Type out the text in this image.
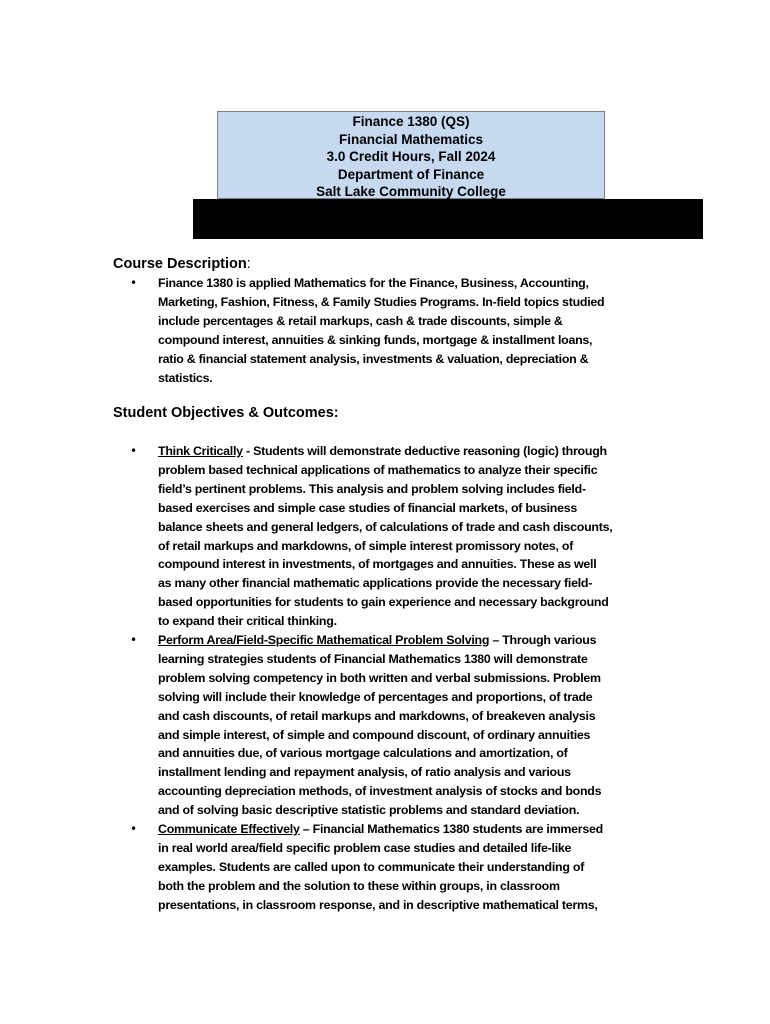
Finance 1380 (QS)
Financial Mathematics
3.0 Credit Hours, Fall 2024
Department of Finance
Salt Lake Community College
Course Description:
•	Finance 1380 is applied Mathematics for the Finance, Business, Accounting,
Marketing, Fashion, Fitness, & Family Studies Programs. In-field topics studied
include percentages & retail markups, cash & trade discounts, simple &
compound interest, annuities & sinking funds, mortgage & installment loans,
ratio & financial statement analysis, investments & valuation, depreciation &
statistics.
Student Objectives & Outcomes:
•	Think Critically - Students will demonstrate deductive reasoning (logic) through
problem based technical applications of mathematics to analyze their specific
field’s pertinent problems. This analysis and problem solving includes field-
based exercises and simple case studies of financial markets, of business
balance sheets and general ledgers, of calculations of trade and cash discounts,
of retail markups and markdowns, of simple interest promissory notes, of
compound interest in investments, of mortgages and annuities. These as well
as many other financial mathematic applications provide the necessary field-
based opportunities for students to gain experience and necessary background
to expand their critical thinking.
•	Perform Area/Field-Specific Mathematical Problem Solving – Through various
learning strategies students of Financial Mathematics 1380 will demonstrate
problem solving competency in both written and verbal submissions. Problem
solving will include their knowledge of percentages and proportions, of trade
and cash discounts, of retail markups and markdowns, of breakeven analysis
and simple interest, of simple and compound discount, of ordinary annuities
and annuities due, of various mortgage calculations and amortization, of
installment lending and repayment analysis, of ratio analysis and various
accounting depreciation methods, of investment analysis of stocks and bonds
and of solving basic descriptive statistic problems and standard deviation.
•	Communicate Effectively – Financial Mathematics 1380 students are immersed
in real world area/field specific problem case studies and detailed life-like
examples. Students are called upon to communicate their understanding of
both the problem and the solution to these within groups, in classroom
presentations, in classroom response, and in descriptive mathematical terms,
